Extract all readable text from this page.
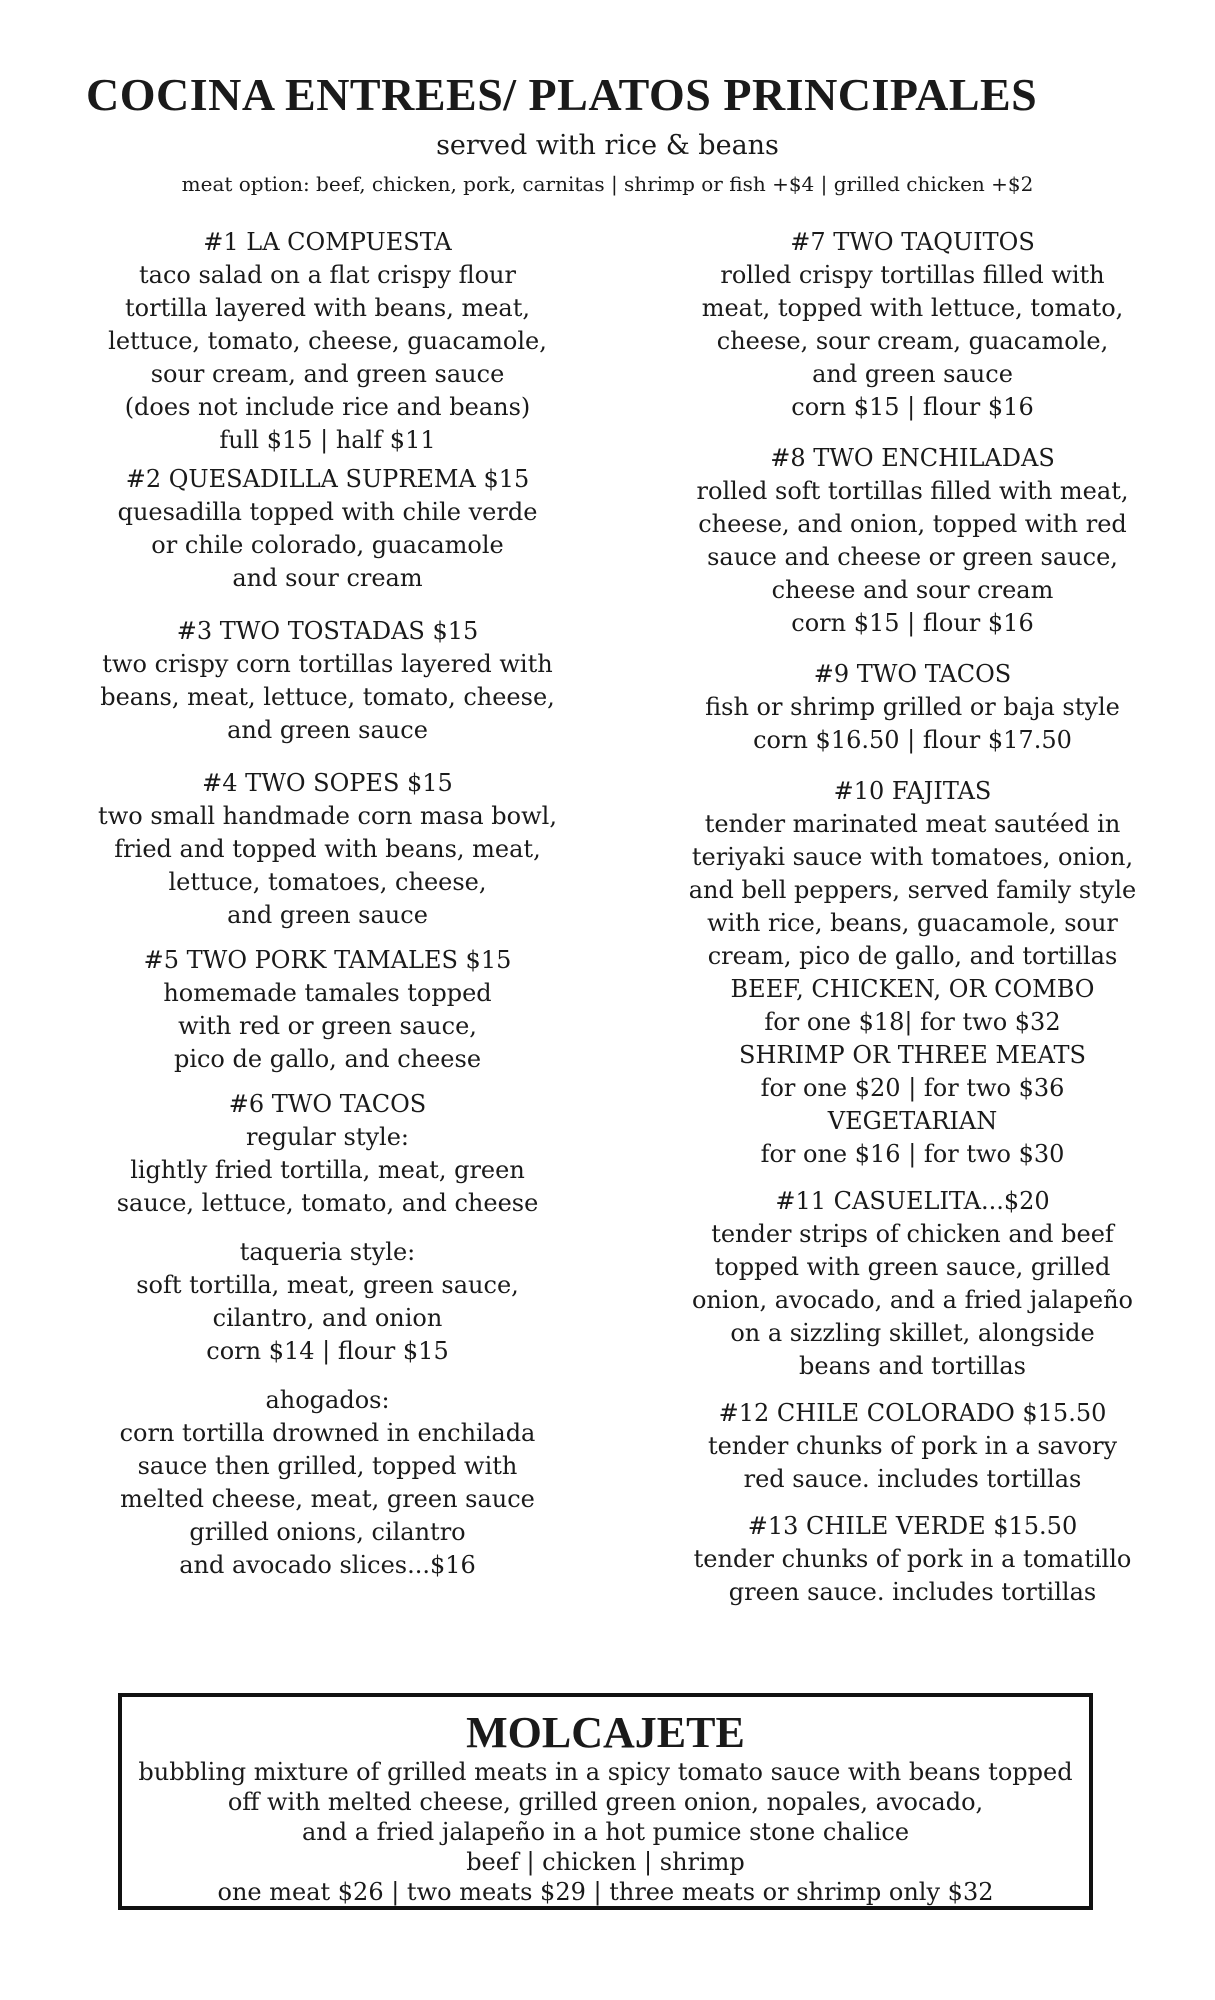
COCINA ENTREES/ PLATOS PRINCIPALES

served with rice & beans

meat option: beef, chicken, pork, carnitas | shrimp or fish +$4 | grilled chicken +$2

#1 LA COMPUESTA
taco salad on a flat crispy flour
tortilla layered with beans, meat,
lettuce, tomato, cheese, guacamole,
sour cream, and green sauce
(does not include rice and beans)
full $15 | half $11
#2 QUESADILLA SUPREMA $15
quesadilla topped with chile verde
or chile colorado, guacamole
and sour cream
#3 TWO TOSTADAS $15
two crispy corn tortillas layered with
beans, meat, lettuce, tomato, cheese,
and green sauce
#4 TWO SOPES $15
two small handmade corn masa bowl,
fried and topped with beans, meat,
lettuce, tomatoes, cheese,
and green sauce
#5 TWO PORK TAMALES $15
homemade tamales topped
with red or green sauce,
pico de gallo, and cheese
#6 TWO TACOS
regular style:
lightly fried tortilla, meat, green
sauce, lettuce, tomato, and cheese
taqueria style:
soft tortilla, meat, green sauce,
cilantro, and onion
corn $14 | flour $15
ahogados:
corn tortilla drowned in enchilada
sauce then grilled, topped with
melted cheese, meat, green sauce
grilled onions, cilantro
and avocado slices...$16
#7 TWO TAQUITOS
rolled crispy tortillas filled with
meat, topped with lettuce, tomato,
cheese, sour cream, guacamole,
and green sauce
corn $15 | flour $16
#8 TWO ENCHILADAS
rolled soft tortillas filled with meat,
cheese, and onion, topped with red
sauce and cheese or green sauce,
cheese and sour cream
corn $15 | flour $16
#9 TWO TACOS
fish or shrimp grilled or baja style
corn $16.50 | flour $17.50
#10 FAJITAS
tender marinated meat sautéed in
teriyaki sauce with tomatoes, onion,
and bell peppers, served family style
with rice, beans, guacamole, sour
cream, pico de gallo, and tortillas
BEEF, CHICKEN, OR COMBO
for one $18| for two $32
SHRIMP OR THREE MEATS
for one $20 | for two $36
VEGETARIAN
for one $16 | for two $30
#11 CASUELITA...$20
tender strips of chicken and beef
topped with green sauce, grilled
onion, avocado, and a fried jalapeño
on a sizzling skillet, alongside
beans and tortillas
#12 CHILE COLORADO $15.50
tender chunks of pork in a savory
red sauce. includes tortillas
#13 CHILE VERDE $15.50
tender chunks of pork in a tomatillo
green sauce. includes tortillas
MOLCAJETE
bubbling mixture of grilled meats in a spicy tomato sauce with beans topped
off with melted cheese, grilled green onion, nopales, avocado,
and a fried jalapeño in a hot pumice stone chalice
beef | chicken | shrimp
one meat $26 | two meats $29 | three meats or shrimp only $32
